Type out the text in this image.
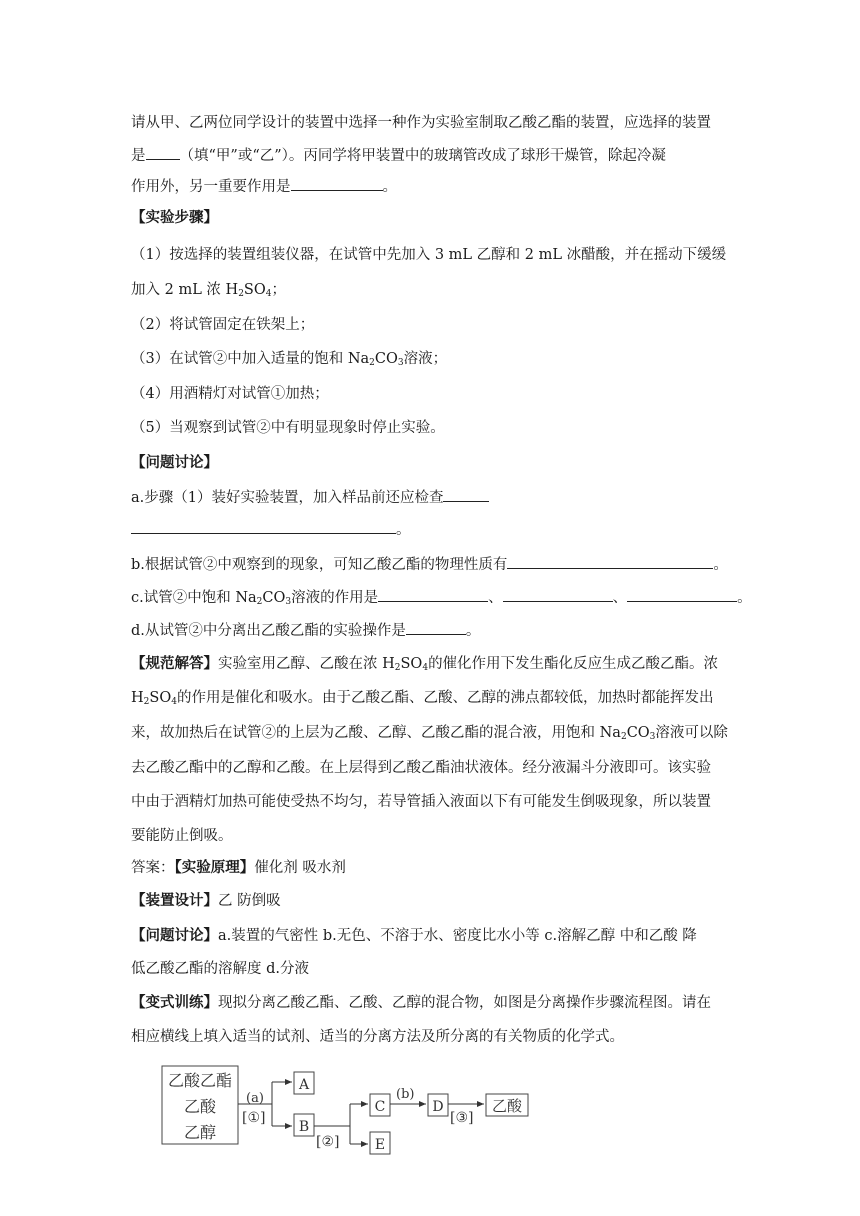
请从甲、乙两位同学设计的装置中选择一种作为实验室制取乙酸乙酯的装置，应选择的装置
是 （填“甲”或“乙”）。丙同学将甲装置中的玻璃管改成了球形干燥管，除起冷凝
作用外，另一重要作用是	。
【实验步骤】
（1）按选择的装置组装仪器，在试管中先加入 3 mL 乙醇和 2 mL 冰醋酸，并在摇动下缓缓
加入 2 mL 浓 $H_2SO_4$；
（2）将试管固定在铁架上；
（3）在试管②中加入适量的饱和 $Na_2CO_3$溶液；
（4）用酒精灯对试管①加热；
（5）当观察到试管②中有明显现象时停止实验。
【问题讨论】
a.步骤（1）装好实验装置，加入样品前还应检查
。
b.根据试管②中观察到的现象，可知乙酸乙酯的物理性质有	。
c.试管②中饱和 $Na_2CO_3$溶液的作用是	、	、	。
d.从试管②中分离出乙酸乙酯的实验操作是	。
【规范解答】实验室用乙醇、乙酸在浓 $H_2SO_4$的催化作用下发生酯化反应生成乙酸乙酯。浓
$H_2SO_4$的作用是催化和吸水。由于乙酸乙酯、乙酸、乙醇的沸点都较低，加热时都能挥发出
来，故加热后在试管②的上层为乙酸、乙醇、乙酸乙酯的混合液，用饱和 $Na_2CO_3$溶液可以除
去乙酸乙酯中的乙醇和乙酸。在上层得到乙酸乙酯油状液体。经分液漏斗分液即可。该实验
中由于酒精灯加热可能使受热不均匀，若导管插入液面以下有可能发生倒吸现象，所以装置
要能防止倒吸。
答案：【实验原理】催化剂 吸水剂
【装置设计】乙 防倒吸
【问题讨论】a.装置的气密性 b.无色、不溶于水、密度比水小等 c.溶解乙醇 中和乙酸 降
低乙酸乙酯的溶解度 d.分液
【变式训练】现拟分离乙酸乙酯、乙酸、乙醇的混合物，如图是分离操作步骤流程图。请在
相应横线上填入适当的试剂、适当的分离方法及所分离的有关物质的化学式。
乙酸乙酯
乙酸
乙醇
(a)
[①]
A
B
[②]
C
E
(b)
D
[③]
乙酸
